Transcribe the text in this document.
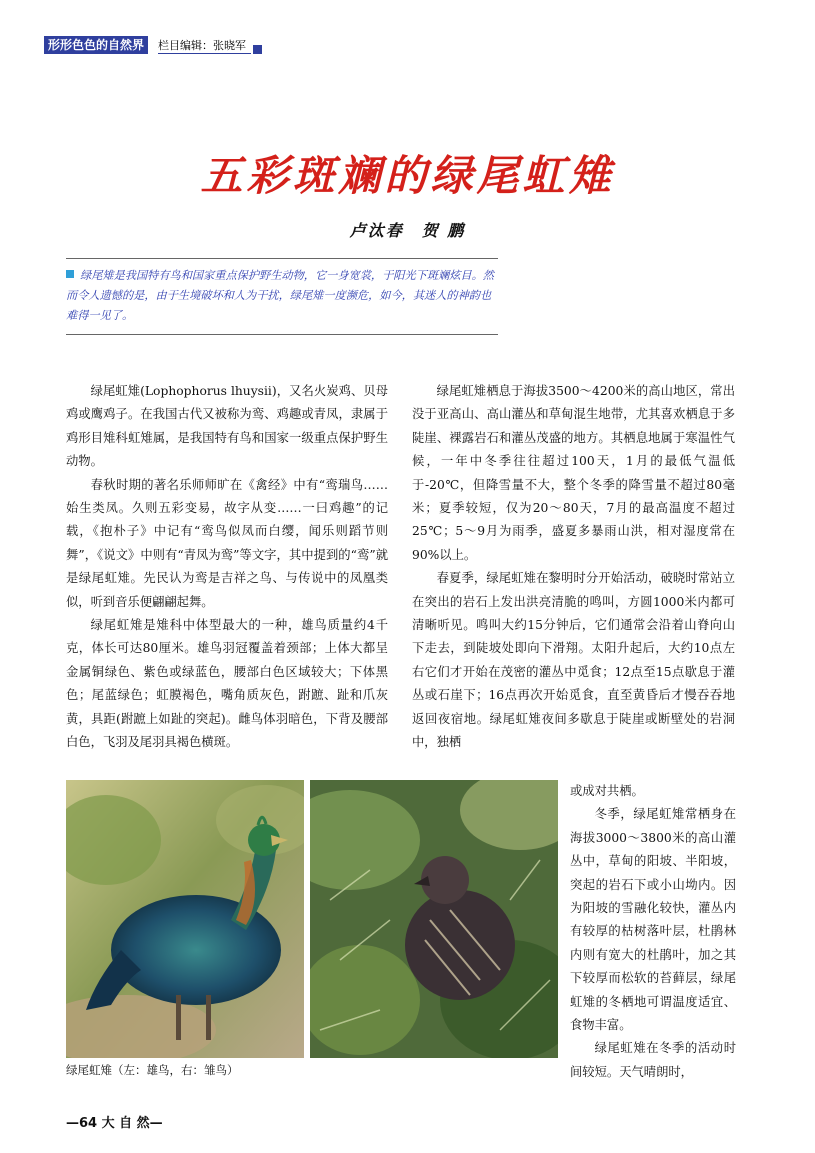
形形色色的自然界	栏目编辑：张晓军
五彩斑斓的绿尾虹雉
卢汰春　贺 鹏
绿尾雉是我国特有鸟和国家重点保护野生动物，它一身宽裳，于阳光下斑斓炫目。然而令人遗憾的是，由于生境破坏和人为干扰，绿尾雉一度濒危，如今，其迷人的神韵也难得一见了。

绿尾虹雉(Lophophorus lhuysii)，又名火炭鸡、贝母鸡或鹰鸡子。在我国古代又被称为鸾、鸡趣或青凤，隶属于鸡形目雉科虹雉属，是我国特有鸟和国家一级重点保护野生动物。

春秋时期的著名乐师师旷在《禽经》中有“鸾瑞鸟……始生类凤。久则五彩变易，故字从变……一曰鸡趣”的记载，《抱朴子》中记有“鸾鸟似凤而白缨，闻乐则蹈节则舞”，《说文》中则有“青凤为鸾”等文字，其中提到的“鸾”就是绿尾虹雉。先民认为鸾是吉祥之鸟、与传说中的凤凰类似，听到音乐便翩翩起舞。

绿尾虹雉是雉科中体型最大的一种，雄鸟质量约4千克，体长可达80厘米。雄鸟羽冠覆盖着颈部；上体大都呈金属铜绿色、紫色或绿蓝色，腰部白色区域较大；下体黑色；尾蓝绿色；虹膜褐色，嘴角质灰色，跗蹠、趾和爪灰黄，具距(跗蹠上如趾的突起)。雌鸟体羽暗色，下背及腰部白色，飞羽及尾羽具褐色横斑。

绿尾虹雉栖息于海拔3500～4200米的高山地区，常出没于亚高山、高山灌丛和草甸混生地带，尤其喜欢栖息于多陡崖、裸露岩石和灌丛茂盛的地方。其栖息地属于寒温性气候，一年中冬季往往超过100天，1月的最低气温低于-20℃，但降雪量不大，整个冬季的降雪量不超过80毫米；夏季较短，仅为20～80天，7月的最高温度不超过25℃；5～9月为雨季，盛夏多暴雨山洪，相对湿度常在90%以上。

春夏季，绿尾虹雉在黎明时分开始活动，破晓时常站立在突出的岩石上发出洪亮清脆的鸣叫，方圆1000米内都可清晰听见。鸣叫大约15分钟后，它们通常会沿着山脊向山下走去，到陡坡处即向下滑翔。太阳升起后，大约10点左右它们才开始在茂密的灌丛中觅食；12点至15点歇息于灌丛或石崖下；16点再次开始觅食，直至黄昏后才慢吞吞地返回夜宿地。绿尾虹雉夜间多歇息于陡崖或断壁处的岩洞中，独栖

或成对共栖。

冬季，绿尾虹雉常栖身在海拔3000～3800米的高山灌丛中，草甸的阳坡、半阳坡，突起的岩石下或小山坳内。因为阳坡的雪融化较快，灌丛内有较厚的枯树落叶层，杜鹃林内则有宽大的杜鹃叶，加之其下较厚而松软的苔藓层，绿尾虹雉的冬栖地可谓温度适宜、食物丰富。

绿尾虹雉在冬季的活动时间较短。天气晴朗时，

绿尾虹雉（左：雄鸟，右：雏鸟）
—64 大 自 然—
